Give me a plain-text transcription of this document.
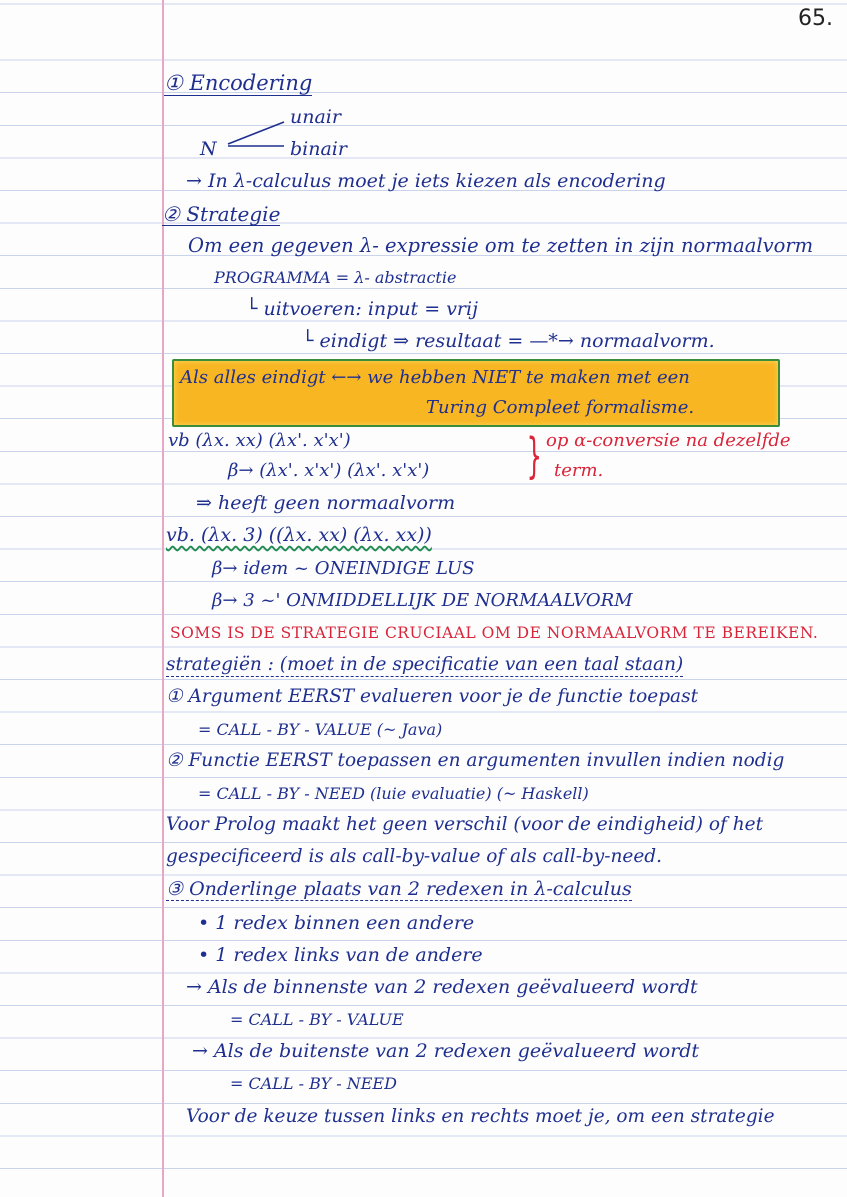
65.
① Encodering
unair
binair
N
→ In λ-calculus moet je iets kiezen als encodering
② Strategie
Om een gegeven λ- expressie om te zetten in zijn normaalvorm
PROGRAMMA = λ- abstractie
└ uitvoeren: input = vrij
└ eindigt ⇒ resultaat = —*→ normaalvorm.
Als alles eindigt ←→ we hebben NIET te maken met een
Turing Compleet formalisme.
vb (λx. xx) (λx'. x'x')
β→ (λx'. x'x') (λx'. x'x') } op α-conversie na dezelfde
term.
⇒ heeft geen normaalvorm
vb. (λx. 3) ((λx. xx) (λx. xx))
β→ idem ~ ONEINDIGE LUS
β→ 3 ~' ONMIDDELLIJK DE NORMAALVORM
SOMS IS DE STRATEGIE CRUCIAAL OM DE NORMAALVORM TE BEREIKEN.
strategiën : (moet in de specificatie van een taal staan)
① Argument EERST evalueren voor je de functie toepast
= CALL - BY - VALUE (~ Java)
② Functie EERST toepassen en argumenten invullen indien nodig
= CALL - BY - NEED (luie evaluatie) (~ Haskell)
Voor Prolog maakt het geen verschil (voor de eindigheid) of het
gespecificeerd is als call-by-value of als call-by-need.
③ Onderlinge plaats van 2 redexen in λ-calculus
• 1 redex binnen een andere
• 1 redex links van de andere
→ Als de binnenste van 2 redexen geëvalueerd wordt
= CALL - BY - VALUE
→ Als de buitenste van 2 redexen geëvalueerd wordt
= CALL - BY - NEED
Voor de keuze tussen links en rechts moet je, om een strategie
